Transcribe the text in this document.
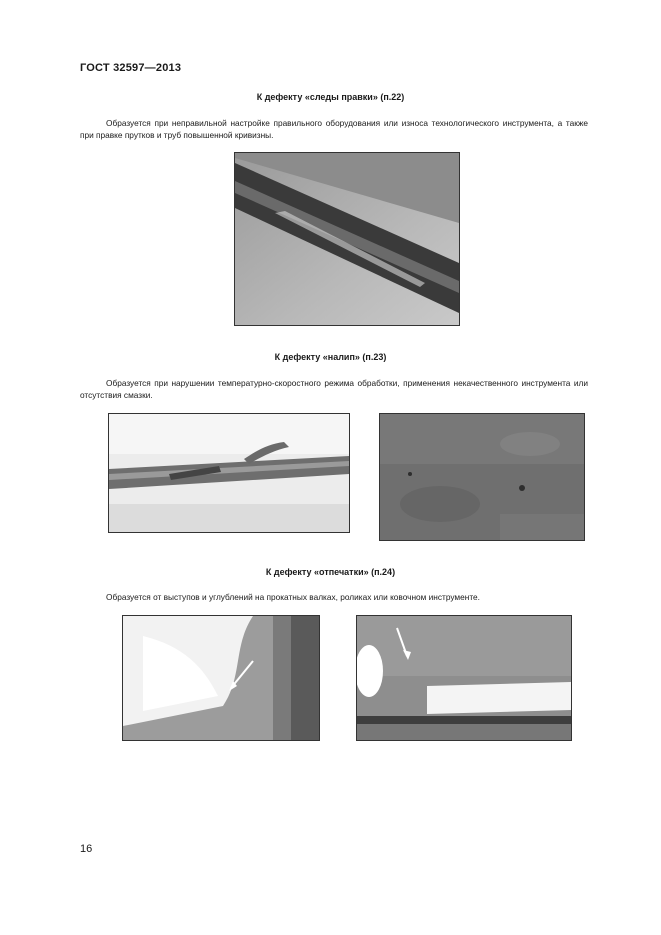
ГОСТ 32597—2013
К дефекту «следы правки» (п.22)
Образуется при неправильной настройке правильного оборудования или износа технологического инструмента, а также при правке прутков и труб повышенной кривизны.
К дефекту «налип» (п.23)
Образуется при нарушении температурно-скоростного режима обработки, применения некачественного инструмента или отсутствия смазки.
К дефекту «отпечатки» (п.24)
Образуется от выступов и углублений на прокатных валках, роликах или ковочном инструменте.
16
